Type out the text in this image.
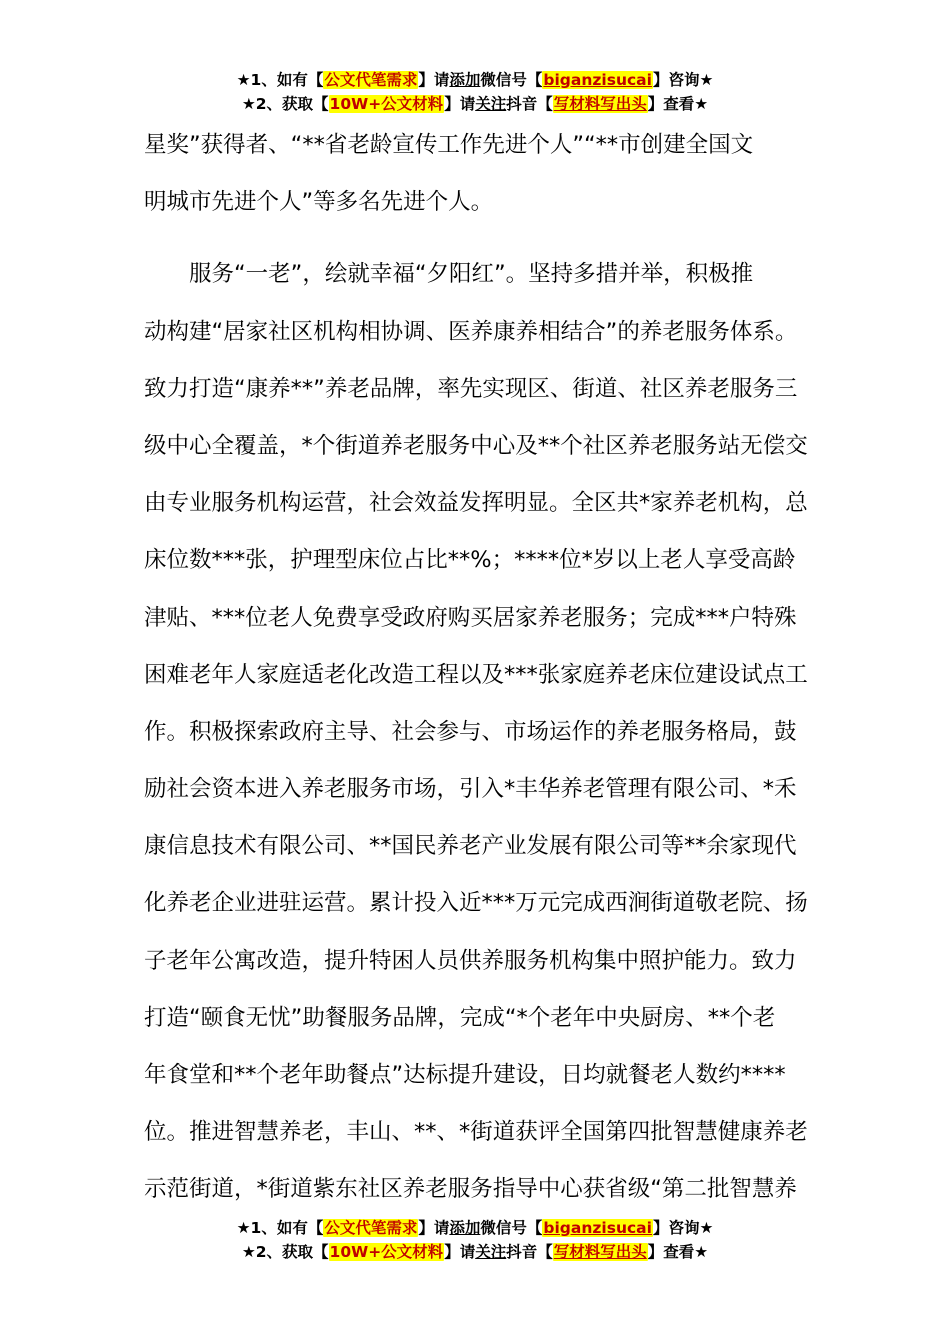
★1、如有【公文代笔需求】请添加微信号【biganzisucai】咨询★
★2、获取【10W+公文材料】请关注抖音【写材料写出头】查看★
星奖”获得者、“**省老龄宣传工作先进个人”“**市创建全国文
明城市先进个人”等多名先进个人。
服务“一老”，绘就幸福“夕阳红”。坚持多措并举，积极推
动构建“居家社区机构相协调、医养康养相结合”的养老服务体系。
致力打造“康养**”养老品牌，率先实现区、街道、社区养老服务三
级中心全覆盖，*个街道养老服务中心及**个社区养老服务站无偿交
由专业服务机构运营，社会效益发挥明显。全区共*家养老机构，总
床位数***张，护理型床位占比**%；****位*岁以上老人享受高龄
津贴、***位老人免费享受政府购买居家养老服务；完成***户特殊
困难老年人家庭适老化改造工程以及***张家庭养老床位建设试点工
作。积极探索政府主导、社会参与、市场运作的养老服务格局，鼓
励社会资本进入养老服务市场，引入*丰华养老管理有限公司、*禾
康信息技术有限公司、**国民养老产业发展有限公司等**余家现代
化养老企业进驻运营。累计投入近***万元完成西涧街道敬老院、扬
子老年公寓改造，提升特困人员供养服务机构集中照护能力。致力
打造“颐食无忧”助餐服务品牌，完成“*个老年中央厨房、**个老
年食堂和**个老年助餐点”达标提升建设，日均就餐老人数约****
位。推进智慧养老，丰山、**、*街道获评全国第四批智慧健康养老
示范街道，*街道紫东社区养老服务指导中心获省级“第二批智慧养
★1、如有【公文代笔需求】请添加微信号【biganzisucai】咨询★
★2、获取【10W+公文材料】请关注抖音【写材料写出头】查看★
